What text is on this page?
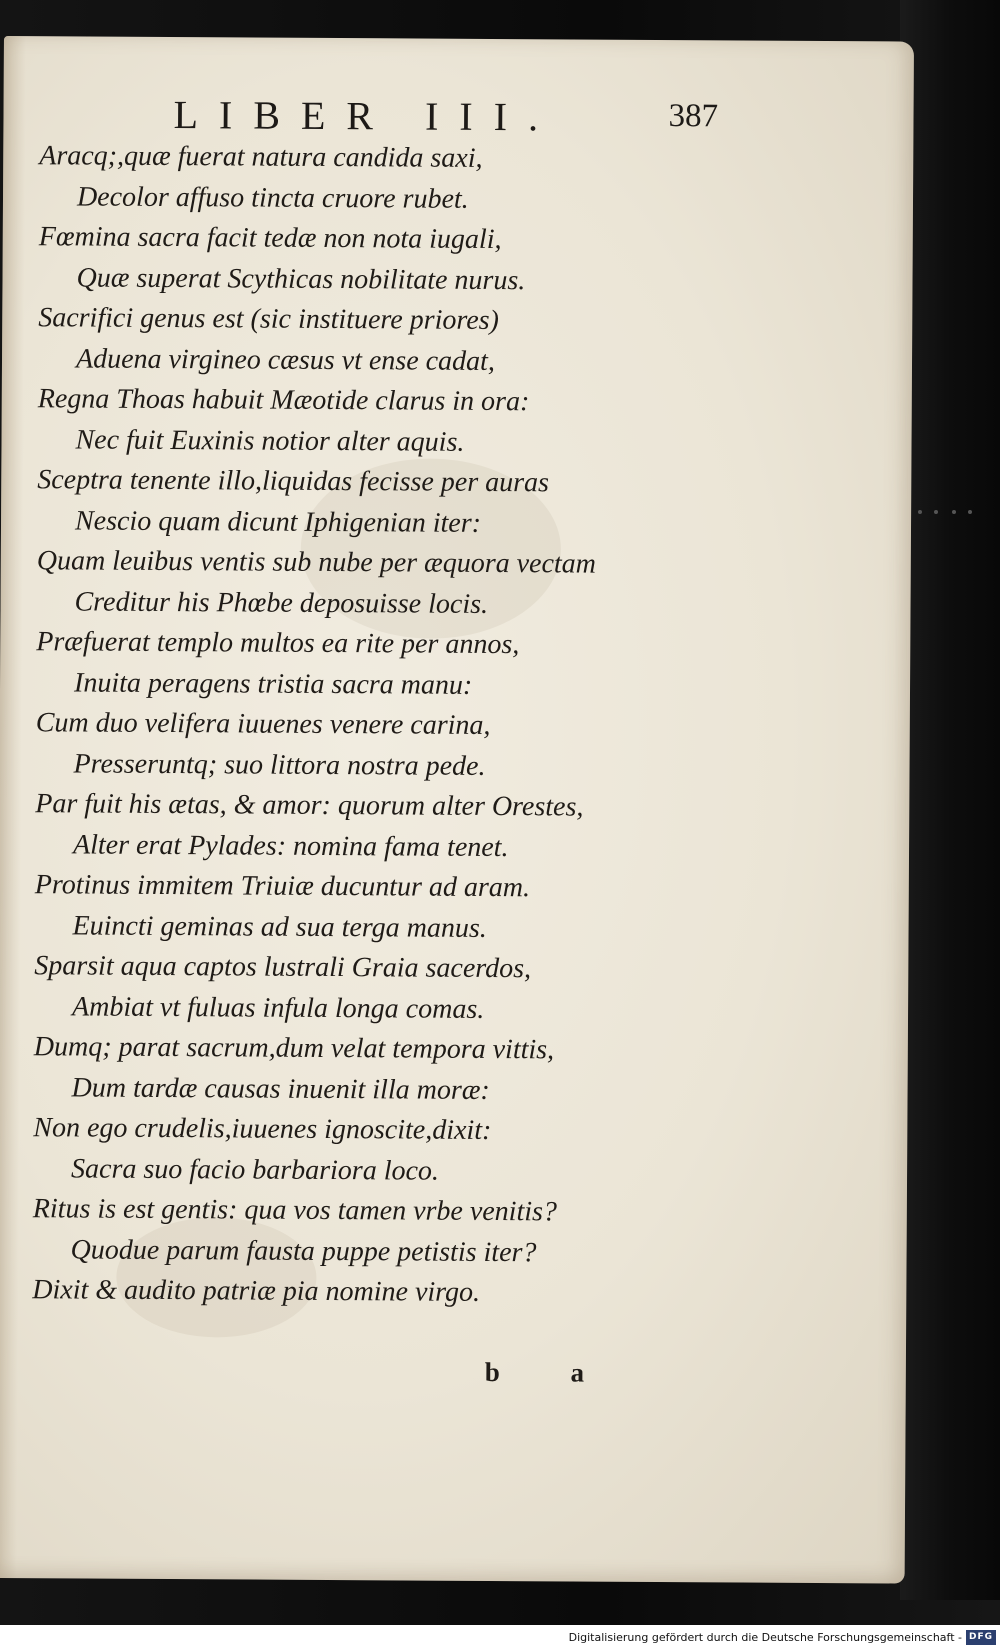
LIBER III.	387
Aracq;,quæ fuerat natura candida saxi,
Decolor affuso tincta cruore rubet.
Fœmina sacra facit tedæ non nota iugali,
Quæ superat Scythicas nobilitate nurus.
Sacrifici genus est (sic instituere priores)
Aduena virgineo cæsus vt ense cadat,
Regna Thoas habuit Mæotide clarus in ora:
Nec fuit Euxinis notior alter aquis.
Sceptra tenente illo,liquidas fecisse per auras
Nescio quam dicunt Iphigenian iter:
Quam leuibus ventis sub nube per æquora vectam
Creditur his Phœbe deposuisse locis.
Præfuerat templo multos ea rite per annos,
Inuita peragens tristia sacra manu:
Cum duo velifera iuuenes venere carina,
Presseruntq; suo littora nostra pede.
Par fuit his ætas, & amor: quorum alter Orestes,
Alter erat Pylades: nomina fama tenet.
Protinus immitem Triuiæ ducuntur ad aram.
Euincti geminas ad sua terga manus.
Sparsit aqua captos lustrali Graia sacerdos,
Ambiat vt fuluas infula longa comas.
Dumq; parat sacrum,dum velat tempora vittis,
Dum tardæ causas inuenit illa moræ:
Non ego crudelis,iuuenes ignoscite,dixit:
Sacra suo facio barbariora loco.
Ritus is est gentis: qua vos tamen vrbe venitis?
Quodue parum fausta puppe petistis iter?
Dixit & audito patriæ pia nomine virgo.
b a
Digitalisierung gefördert durch die Deutsche Forschungsgemeinschaft - DFG
